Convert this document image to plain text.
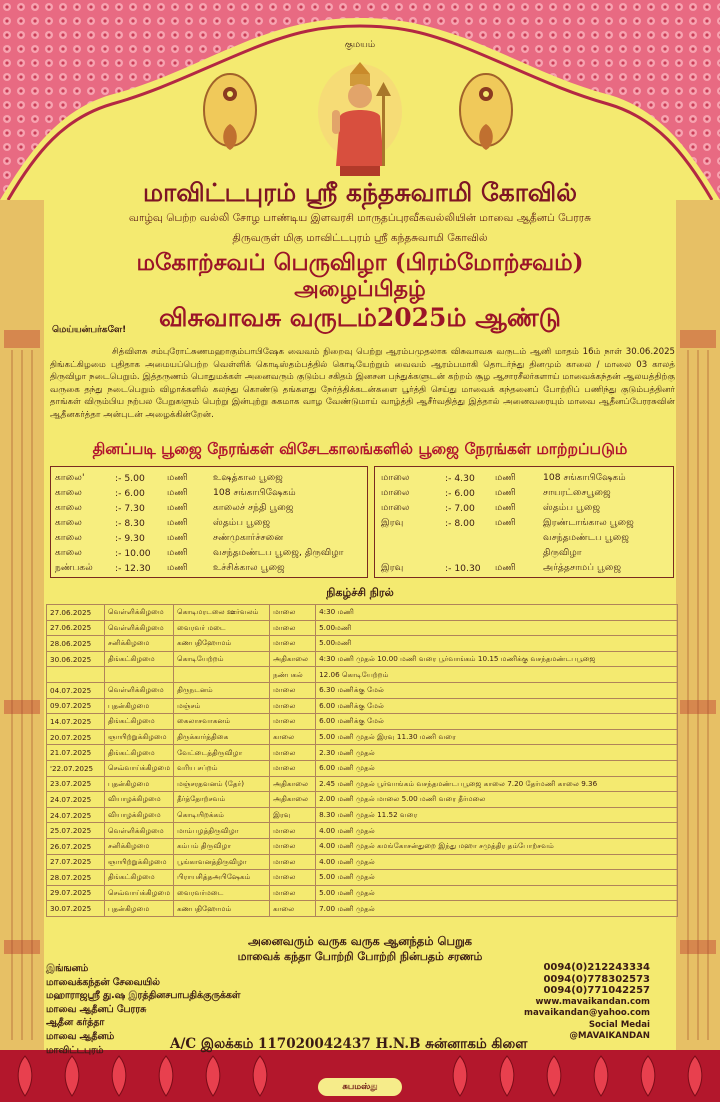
குமயம்
மாவிட்டபுரம் ஸ்ரீ கந்தசுவாமி கோவில்
வாழ்வு பெற்ற வல்லி சோழ பாண்டிய இளவரசி மாருதப்புரவீகவல்லியின் மாவை ஆதீனப் பேரரசு
திருவருள் மிகு மாவிட்டபுரம் ஸ்ரீ கந்தசுவாமி கோவில்
மகோற்சவப் பெருவிழா (பிரம்மோற்சவம்)
அழைப்பிதழ்
விசுவாவசு வருடம்2025ம் ஆண்டு
மெய்யன்பர்களே!
சித்விளசு சம்புரோட்சுணமஹாகும்பாபிஷேக வைவம் நிறைவு பெற்று ஆரம்பமுதலாக விசுவாவசு வருடம் ஆனி மாதம் 16ம் நாள் 30.06.2025 திங்கட்கிழமை புதிதாக அமையப்பெற்ற வெள்ளிக் கொடிஸ்தம்பத்தில் கொடியேற்றும் வைவம் ஆரம்பமாகி தொடர்ந்து தினமும் காலை / மாலை 03 காலத் திருவிழா நடைபெறும். இத்தருணம் பொதுமக்கள் அனைவரும் குடும்ப சகிதம் இனசன பந்துக்களுடன் கற்றம் சூழ ஆசாரசீலர்களாய் மாவைக்கந்தன் ஆலயத்திற்கு வருகை தந்து நடைபெறும் விழாக்களில் கலந்து கொண்டு தங்களது நேர்த்திக்கடன்களை பூர்த்தி செய்து மாவைக் கந்தனைப் போற்றிப் பணிந்து குடும்பத்தினர் தாங்கள் விரும்பிய நற்பல பேறுகளும் பெற்று இன்புற்று சுகமாக வாழ வேண்டுமாய் வாழ்த்தி ஆசீர்வதித்து இத்தால் அனைவரையும் மாவை ஆதீனப்பேரரசுவின் ஆதீனகர்த்தா அன்புடன் அழைக்கின்றேன்.
தினப்படி பூஜை நேரங்கள் விசேடகாலங்களில் பூஜை நேரங்கள் மாற்றப்படும்
காலை'	:- 5.00 மணி	உஷத்கால பூஜை
காலை	:- 6.00 மணி	108 சங்காபிஷேகம்
காலை	:- 7.30 மணி	காலைச் சந்தி பூஜை
காலை	:- 8.30 மணி	ஸ்தம்ப பூஜை
காலை	:- 9.30 மணி	சண்முகார்ச்சனை
காலை	:- 10.00 மணி	வசந்தமண்டப பூஜை, திருவிழா
நண்பகல் :- 12.30 மணி	உச்சிக்கால பூஜை
மாலை	:- 4.30 மணி	108 சங்காபிஷேகம்
மாலை	:- 6.00 மணி	சாயரட்சைபூஜை
மாலை	:- 7.00 மணி	ஸ்தம்ப பூஜை
இரவு	:- 8.00 மணி	இரண்டாங்கால பூஜை
வசந்தமண்டப பூஜை
திருவிழா
இரவு	:- 10.30 மணி	அர்த்தசாமப் பூஜை
நிகழ்ச்சி நிரல்
27.06.2025	வெள்ளிக்கிழமை	கொடிமரடலை ஊர்வலம்	மாலை	4:30 மணி
27.06.2025	வெள்ளிக்கிழமை	வைரவர் மடை	மாலை	5.00மணி
28.06.2025	சனிக்கிழமை	கணபதிஹோமம்	மாலை	5.00மணி
30.06.2025	திங்கட்கிழமை	கொடியேற்றம்	அதிகாலை	4:30 மணி முதல் 10.00 மணி வரை பூர்வாங்கம் 10.15 மணிக்கு வசந்தமண்டபபூஜை
			நண்பகல்	12.06 கொடியேற்றம்
04.07.2025	வெள்ளிக்கிழமை	திருநடனம்	மாலை	6.30 மணிக்கு மேல்
09.07.2025	புதன்கிழமை	மஞ்சம்	மாலை	6.00 மணிக்கு மேல்
14.07.2025	திங்கட்கிழமை	கைலாசவாகனம்	மாலை	6.00 மணிக்கு மேல்
20.07.2025	ஞாயிற்றுக்கிழமை	திருக்கார்த்திகை	காலை	5.00 மணி முதல் இரவு 11.30 மணி வரை
21.07.2025	திங்கட்கிழமை	வேட்டைத்திருவிழா	மாலை	2.30 மணி முதல்
'22.07.2025	செவ்வாய்க்கிழமை	வரிய சப்றம்	மாலை	6.00 மணி முதல்
23.07.2025	புதன்கிழமை	மஞ்சரதவனம் (தேர்)	அதிகாலை	2.45 மணி முதல் பூர்வாங்கம் வசந்தமண்டபபூஜை காலை 7.20 தேர்மணி காலை 9.36
24.07.2025	வியாழக்கிழமை	தீர்த்தோற்சவம்	அதிகாலை	2.00 மணி முதல் மாலை 5.00 மணி வரை தீர்மலை
24.07.2025	வியாழக்கிழமை	கொடியிறக்கம்	இரவு	8.30 மணி முதல் 11.52 வரை
25.07.2025	வெள்ளிக்கிழமை	மாம்பழத்திருவிழா	மாலை	4.00 மணி முதல்
26.07.2025	சனிக்கிழமை	கம்பம் திருவிழா	மாலை	4.00 மணி முதல் கமங்கோசன்துறை இந்து மஹா சமுத்திர தம்போற்சவம்
27.07.2025	ஞாயிற்றுக்கிழமை	பூங்காவனத்திருவிழா	மாலை	4.00 மணி முதல்
28.07.2025	திங்கட்கிழமை	பிராயசித்தஅபிஷேகம்	மாலை	5.00 மணி முதல்
29.07.2025	செவ்வாய்க்கிழமை	வைரவர்மடை	மாலை	5.00 மணி முதல்
30.07.2025	புதன்கிழமை	கணபதிஹோமம்	காலை	7.00 மணி முதல்
அனைவரும் வருக வருக ஆனந்தம் பெறுக
மாவைக் கந்தா போற்றி போற்றி நின்பதம் சரணம்
இங்ஙனம்
மாவைக்கந்தன் சேவையில்
மஹாராஜஸ்ரீ து.ஷ இரத்தினசபாபதிக்குருக்கள்
மாவை ஆதீனப் பேரரசு
ஆதீன கர்த்தா
மாவை ஆதீனம்
மாவிட்டபுரம்
0094(0)212243334
0094(0)778302573
0094(0)771042257
www.mavaikandan.com
mavaikandan@yahoo.com
Social Medai
@MAVAIKANDAN
A/C இலக்கம் 11702004243​7 H.N.B சுன்னாகம் கிளை
சுபமஸ்து
